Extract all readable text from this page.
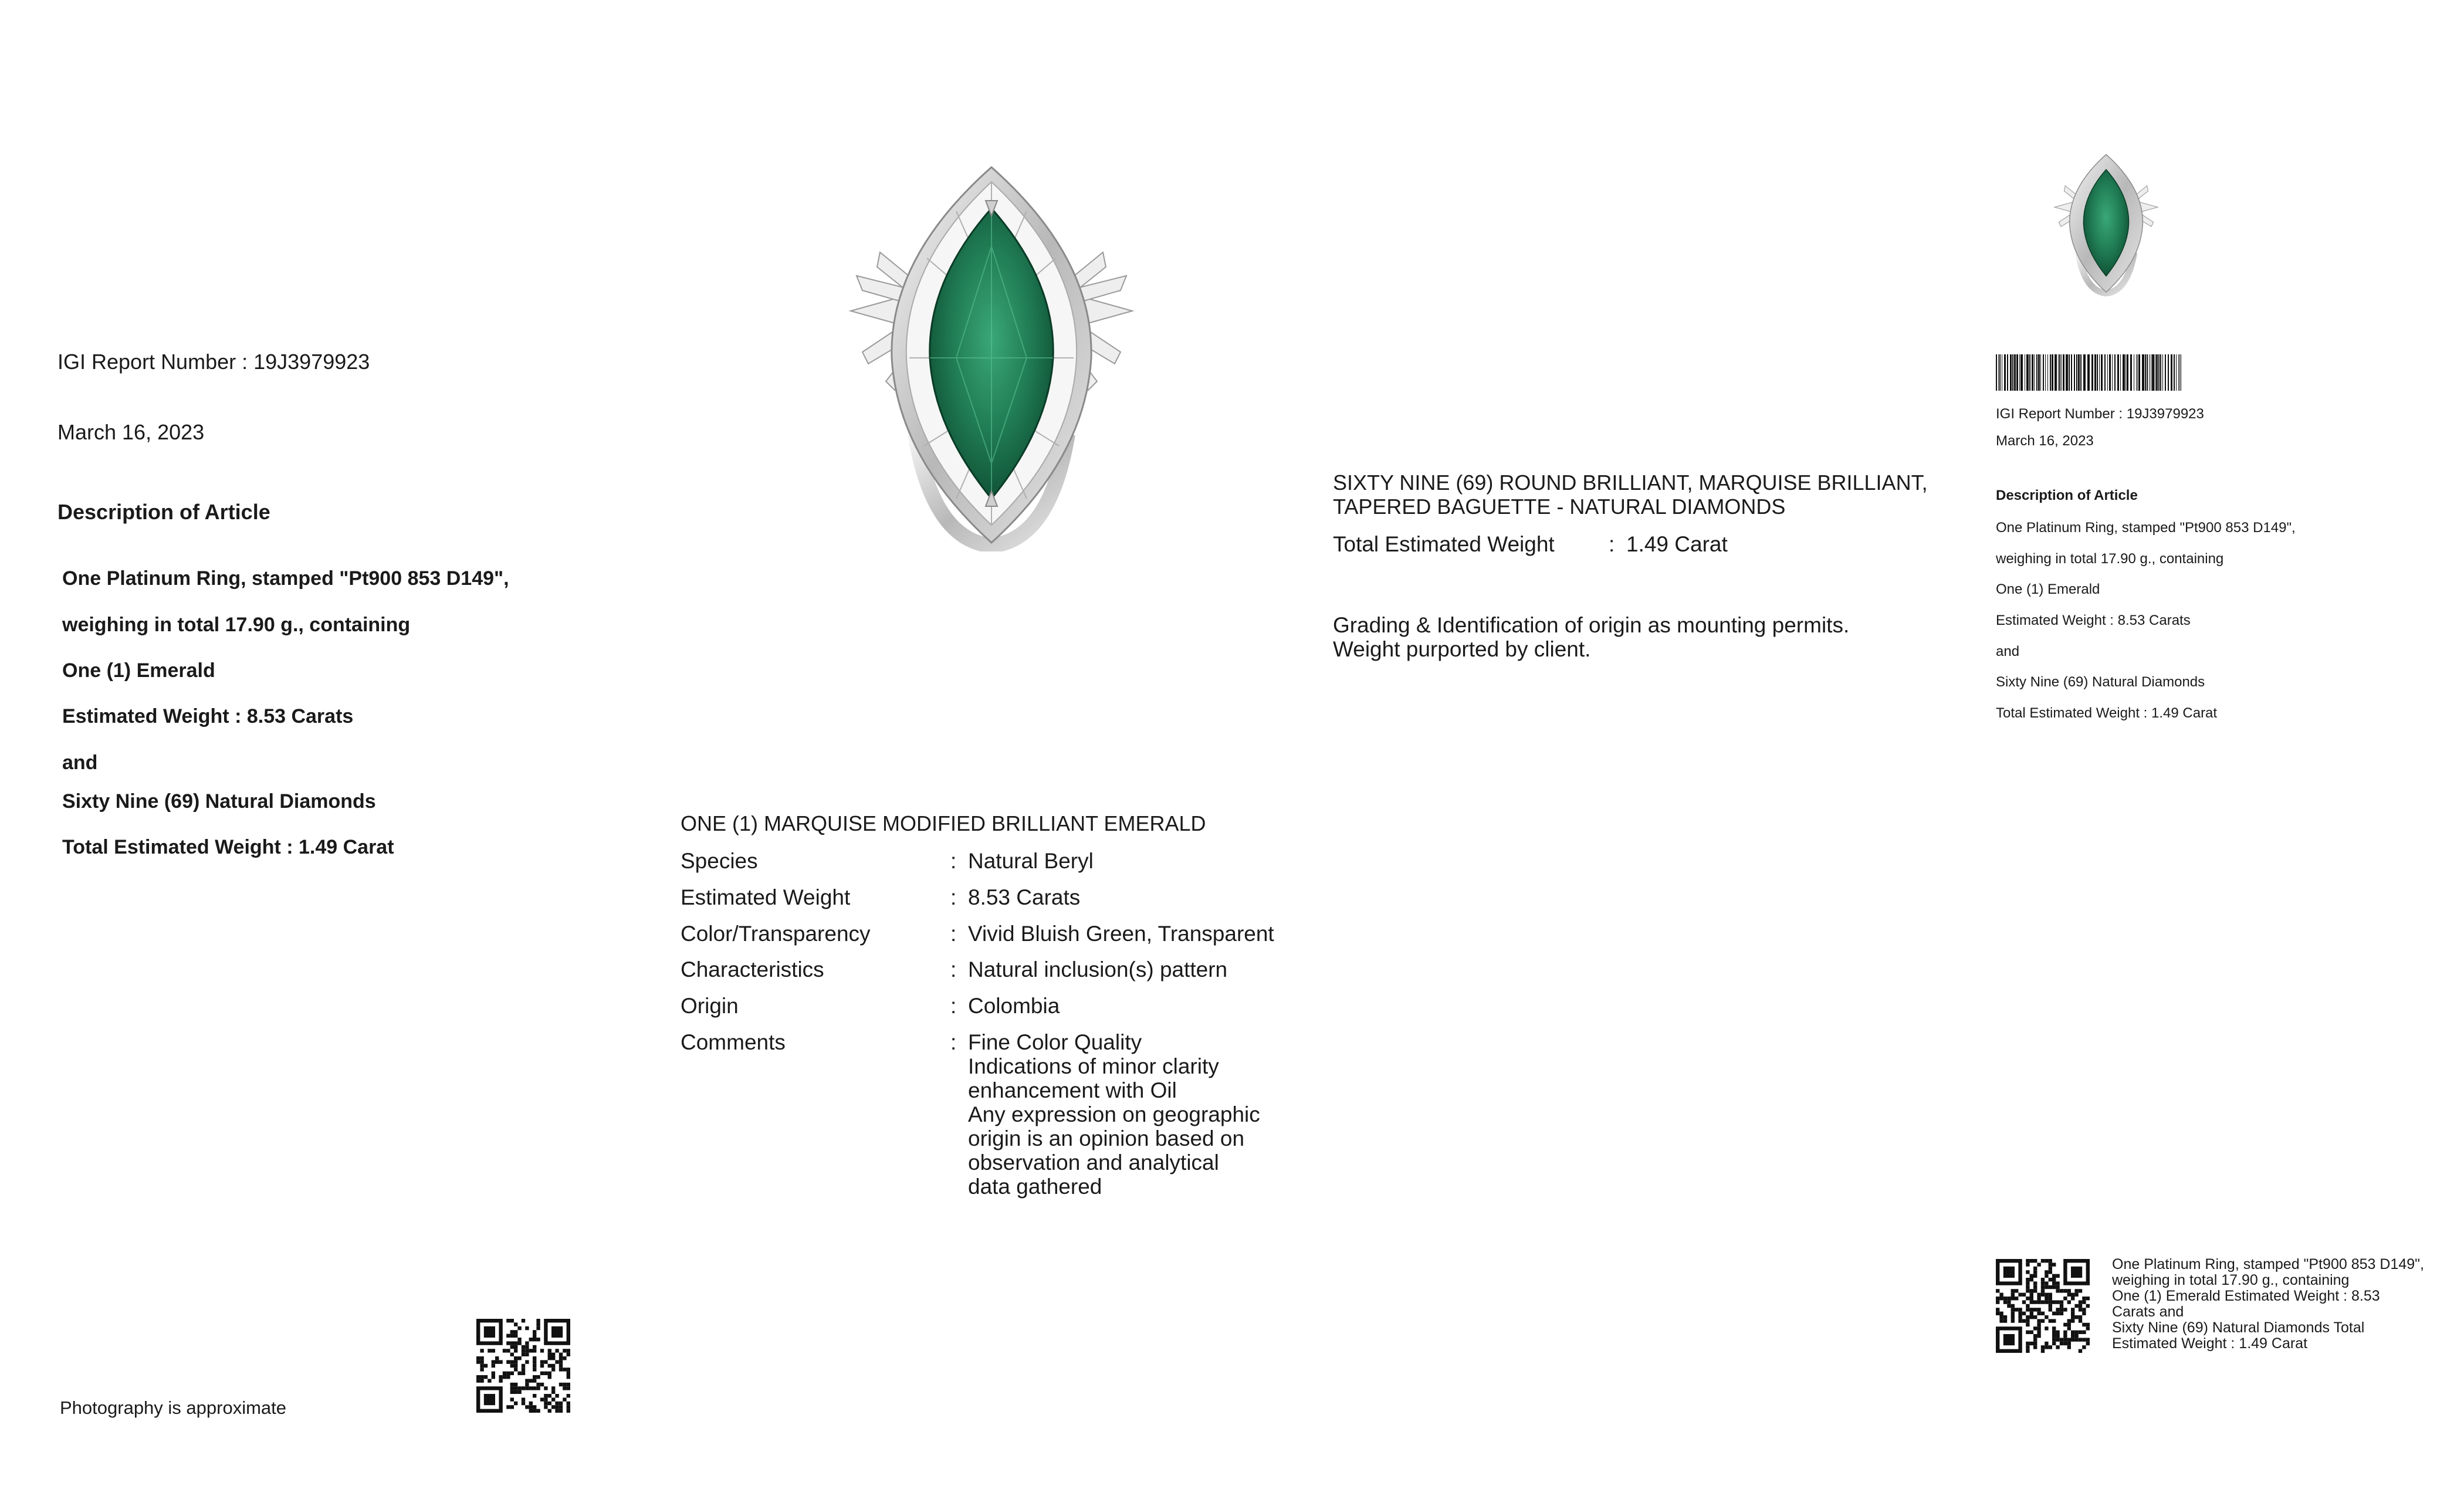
IGI Report Number : 19J3979923
March 16, 2023
Description of Article
One Platinum Ring, stamped "Pt900 853 D149",
weighing in total 17.90 g., containing
One (1) Emerald
Estimated Weight : 8.53 Carats
and
Sixty Nine (69) Natural Diamonds
Total Estimated Weight : 1.49 Carat
Photography is approximate
ONE (1) MARQUISE MODIFIED BRILLIANT EMERALD
Species	: Natural Beryl
Estimated Weight	: 8.53 Carats
Color/Transparency	: Vivid Bluish Green, Transparent
Characteristics	: Natural inclusion(s) pattern
Origin	: Colombia
Comments	: Fine Color Quality
Indications of minor clarity
enhancement with Oil
Any expression on geographic
origin is an opinion based on
observation and analytical
data gathered
SIXTY NINE (69) ROUND BRILLIANT, MARQUISE BRILLIANT,
TAPERED BAGUETTE - NATURAL DIAMONDS
Total Estimated Weight	: 1.49 Carat
Grading & Identification of origin as mounting permits.
Weight purported by client.
IGI Report Number : 19J3979923
March 16, 2023
Description of Article
One Platinum Ring, stamped "Pt900 853 D149",
weighing in total 17.90 g., containing
One (1) Emerald
Estimated Weight : 8.53 Carats
and
Sixty Nine (69) Natural Diamonds
Total Estimated Weight : 1.49 Carat
One Platinum Ring, stamped "Pt900 853 D149",
weighing in total 17.90 g., containing
One (1) Emerald Estimated Weight : 8.53
Carats and
Sixty Nine (69) Natural Diamonds Total
Estimated Weight : 1.49 Carat
